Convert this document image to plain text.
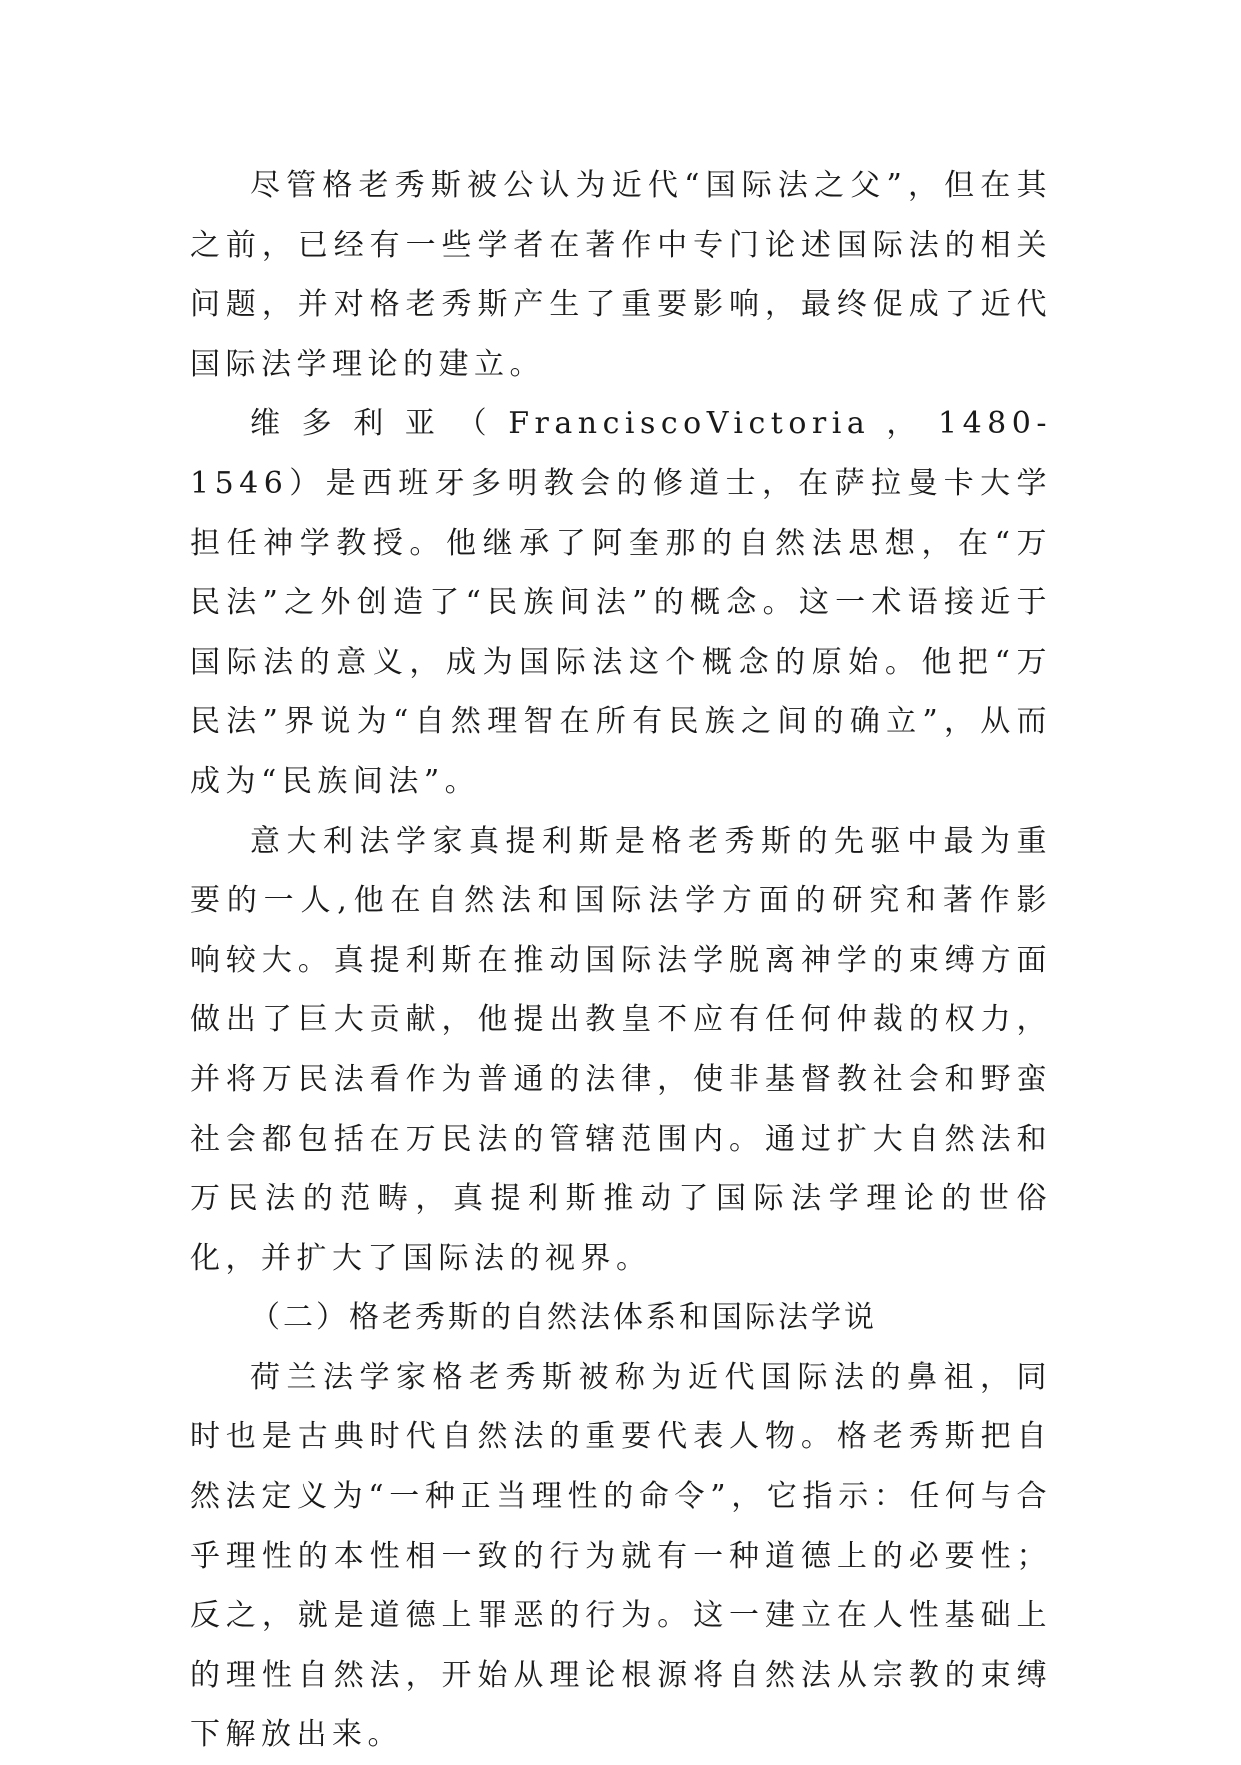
尽管格老秀斯被公认为近代“国际法之父”，但在其之前，已经有一些学者在著作中专门论述国际法的相关问题，并对格老秀斯产生了重要影响，最终促成了近代国际法学理论的建立。

维多利亚（FranciscoVictoria，1480-1546）是西班牙多明教会的修道士，在萨拉曼卡大学担任神学教授。他继承了阿奎那的自然法思想，在“万民法”之外创造了“民族间法”的概念。这一术语接近于国际法的意义，成为国际法这个概念的原始。他把“万民法”界说为“自然理智在所有民族之间的确立”，从而成为“民族间法”。

意大利法学家真提利斯是格老秀斯的先驱中最为重要的一人,他在自然法和国际法学方面的研究和著作影响较大。真提利斯在推动国际法学脱离神学的束缚方面做出了巨大贡献，他提出教皇不应有任何仲裁的权力，并将万民法看作为普通的法律，使非基督教社会和野蛮社会都包括在万民法的管辖范围内。通过扩大自然法和万民法的范畴，真提利斯推动了国际法学理论的世俗化，并扩大了国际法的视界。

（二）格老秀斯的自然法体系和国际法学说

荷兰法学家格老秀斯被称为近代国际法的鼻祖，同时也是古典时代自然法的重要代表人物。格老秀斯把自然法定义为“一种正当理性的命令”，它指示：任何与合乎理性的本性相一致的行为就有一种道德上的必要性；反之，就是道德上罪恶的行为。这一建立在人性基础上的理性自然法，开始从理论根源将自然法从宗教的束缚下解放出来。
